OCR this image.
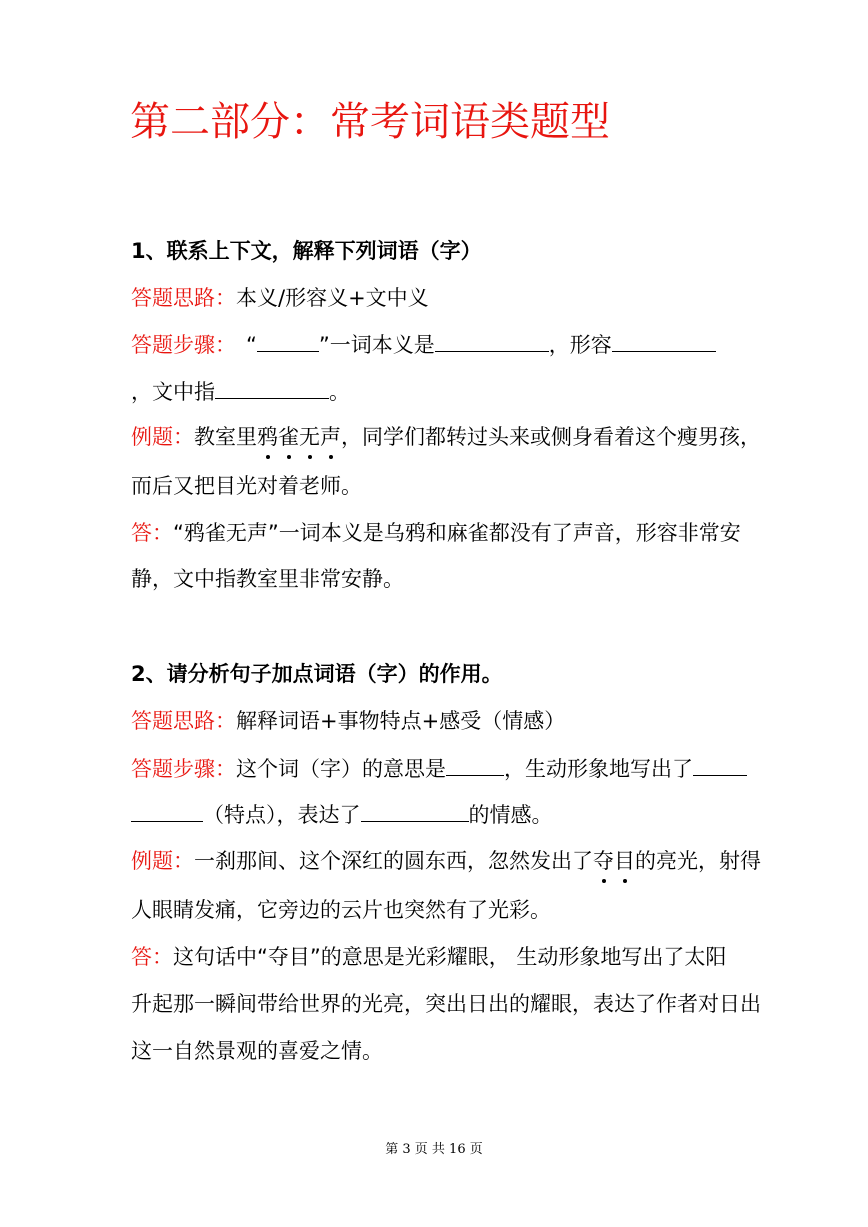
第二部分：常考词语类题型
1、联系上下文，解释下列词语（字）
答题思路：本义/形容义+文中义
答题步骤： “	”一词本义是	，形容
，文中指	。
例题：教室里鸦雀无声，同学们都转过头来或侧身看着这个瘦男孩，
而后又把目光对着老师。
答：“鸦雀无声”一词本义是乌鸦和麻雀都没有了声音，形容非常安
静，文中指教室里非常安静。
2、请分析句子加点词语（字）的作用。
答题思路：解释词语+事物特点+感受（情感）
答题步骤：这个词（字）的意思是	，生动形象地写出了
（特点），表达了	的情感。
例题：一刹那间、这个深红的圆东西，忽然发出了夺目的亮光，射得
人眼睛发痛，它旁边的云片也突然有了光彩。
答：这句话中“夺目”的意思是光彩耀眼， 生动形象地写出了太阳
升起那一瞬间带给世界的光亮，突出日出的耀眼，表达了作者对日出
这一自然景观的喜爱之情。
第 3 页 共 16 页
